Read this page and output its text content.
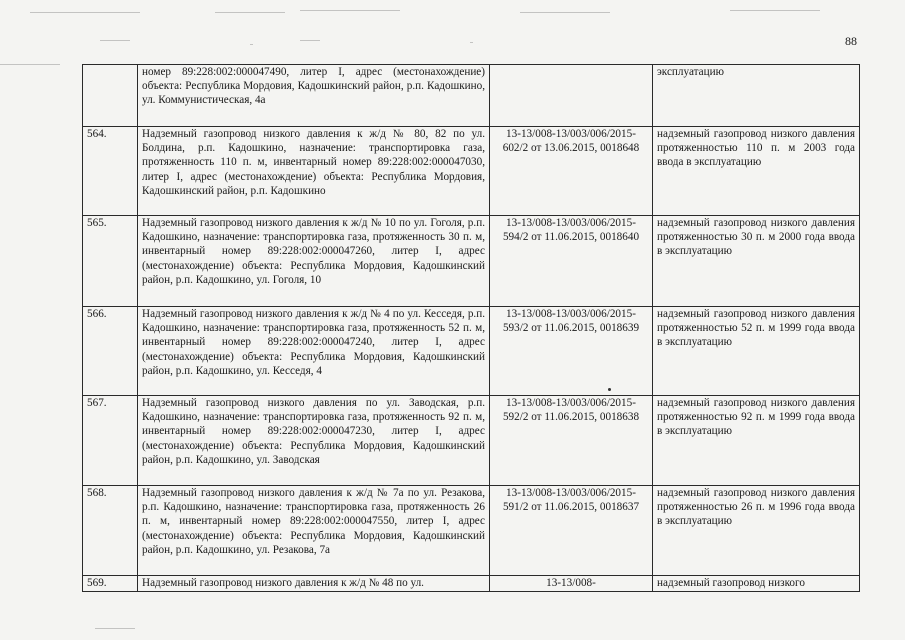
88
	номер 89:228:002:000047490, литер I, адрес (местонахождение) объекта: Республика Мордовия, Кадошкинский район, р.п. Кадошкино, ул. Коммунистическая, 4а		эксплуатацию
564.	Надземный газопровод низкого давления к ж/д № 80, 82 по ул. Болдина, р.п. Кадошкино, назначение: транспортировка газа, протяженность 110 п. м, инвентарный номер 89:228:002:000047030, литер I, адрес (местонахождение) объекта: Республика Мордовия, Кадошкинский район, р.п. Кадошкино	13-13/008-13/003/006/2015-602/2 от 13.06.2015, 0018648	надземный газопровод низкого давления протяженностью 110 п. м 2003 года ввода в эксплуатацию
565.	Надземный газопровод низкого давления к ж/д № 10 по ул. Гоголя, р.п. Кадошкино, назначение: транспортировка газа, протяженность 30 п. м, инвентарный номер 89:228:002:000047260, литер I, адрес (местонахождение) объекта: Республика Мордовия, Кадошкинский район, р.п. Кадошкино, ул. Гоголя, 10	13-13/008-13/003/006/2015-594/2 от 11.06.2015, 0018640	надземный газопровод низкого давления протяженностью 30 п. м 2000 года ввода в эксплуатацию
566.	Надземный газопровод низкого давления к ж/д № 4 по ул. Кесседя, р.п. Кадошкино, назначение: транспортировка газа, протяженность 52 п. м, инвентарный номер 89:228:002:000047240, литер I, адрес (местонахождение) объекта: Республика Мордовия, Кадошкинский район, р.п. Кадошкино, ул. Кесседя, 4	13-13/008-13/003/006/2015-593/2 от 11.06.2015, 0018639	надземный газопровод низкого давления протяженностью 52 п. м 1999 года ввода в эксплуатацию
567.	Надземный газопровод низкого давления по ул. Заводская, р.п. Кадошкино, назначение: транспортировка газа, протяженность 92 п. м, инвентарный номер 89:228:002:000047230, литер I, адрес (местонахождение) объекта: Республика Мордовия, Кадошкинский район, р.п. Кадошкино, ул. Заводская	13-13/008-13/003/006/2015-592/2 от 11.06.2015, 0018638	надземный газопровод низкого давления протяженностью 92 п. м 1999 года ввода в эксплуатацию
568.	Надземный газопровод низкого давления к ж/д № 7а по ул. Резакова, р.п. Кадошкино, назначение: транспортировка газа, протяженность 26 п. м, инвентарный номер 89:228:002:000047550, литер I, адрес (местонахождение) объекта: Республика Мордовия, Кадошкинский район, р.п. Кадошкино, ул. Резакова, 7а	13-13/008-13/003/006/2015-591/2 от 11.06.2015, 0018637	надземный газопровод низкого давления протяженностью 26 п. м 1996 года ввода в эксплуатацию
569.	Надземный газопровод низкого давления к ж/д № 48 по ул.	13-13/008-	надземный газопровод низкого
